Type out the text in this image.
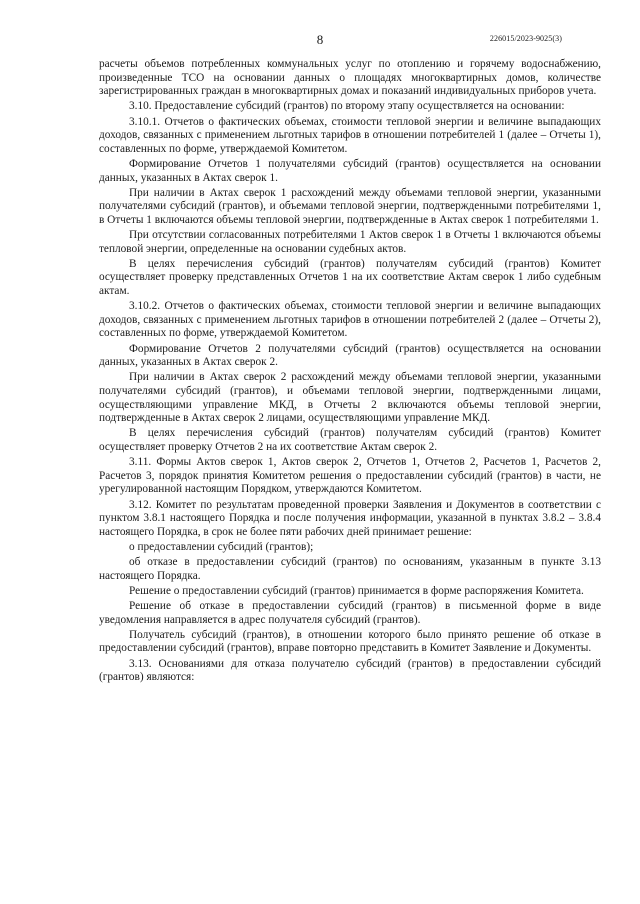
8	226015/2023-9025(3)

расчеты объемов потребленных коммунальных услуг по отоплению и горячему водоснабжению, произведенные ТСО на основании данных о площадях многоквартирных домов, количестве зарегистрированных граждан в многоквартирных домах и показаний индивидуальных приборов учета.

3.10. Предоставление субсидий (грантов) по второму этапу осуществляется на основании:

3.10.1. Отчетов о фактических объемах, стоимости тепловой энергии и величине выпадающих доходов, связанных с применением льготных тарифов в отношении потребителей 1 (далее – Отчеты 1), составленных по форме, утверждаемой Комитетом.

Формирование Отчетов 1 получателями субсидий (грантов) осуществляется на основании данных, указанных в Актах сверок 1.

При наличии в Актах сверок 1 расхождений между объемами тепловой энергии, указанными получателями субсидий (грантов), и объемами тепловой энергии, подтвержденными потребителями 1, в Отчеты 1 включаются объемы тепловой энергии, подтвержденные в Актах сверок 1 потребителями 1.

При отсутствии согласованных потребителями 1 Актов сверок 1 в Отчеты 1 включаются объемы тепловой энергии, определенные на основании судебных актов.

В целях перечисления субсидий (грантов) получателям субсидий (грантов) Комитет осуществляет проверку представленных Отчетов 1 на их соответствие Актам сверок 1 либо судебным актам.

3.10.2. Отчетов о фактических объемах, стоимости тепловой энергии и величине выпадающих доходов, связанных с применением льготных тарифов в отношении потребителей 2 (далее – Отчеты 2), составленных по форме, утверждаемой Комитетом.

Формирование Отчетов 2 получателями субсидий (грантов) осуществляется на основании данных, указанных в Актах сверок 2.

При наличии в Актах сверок 2 расхождений между объемами тепловой энергии, указанными получателями субсидий (грантов), и объемами тепловой энергии, подтвержденными лицами, осуществляющими управление МКД, в Отчеты 2 включаются объемы тепловой энергии, подтвержденные в Актах сверок 2 лицами, осуществляющими управление МКД.

В целях перечисления субсидий (грантов) получателям субсидий (грантов) Комитет осуществляет проверку Отчетов 2 на их соответствие Актам сверок 2.

3.11. Формы Актов сверок 1, Актов сверок 2, Отчетов 1, Отчетов 2, Расчетов 1, Расчетов 2, Расчетов 3, порядок принятия Комитетом решения о предоставлении субсидий (грантов) в части, не урегулированной настоящим Порядком, утверждаются Комитетом.

3.12. Комитет по результатам проведенной проверки Заявления и Документов в соответствии с пунктом 3.8.1 настоящего Порядка и после получения информации, указанной в пунктах 3.8.2 – 3.8.4 настоящего Порядка, в срок не более пяти рабочих дней принимает решение:

о предоставлении субсидий (грантов);

об отказе в предоставлении субсидий (грантов) по основаниям, указанным в пункте 3.13 настоящего Порядка.

Решение о предоставлении субсидий (грантов) принимается в форме распоряжения Комитета.

Решение об отказе в предоставлении субсидий (грантов) в письменной форме в виде уведомления направляется в адрес получателя субсидий (грантов).

Получатель субсидий (грантов), в отношении которого было принято решение об отказе в предоставлении субсидий (грантов), вправе повторно представить в Комитет Заявление и Документы.

3.13. Основаниями для отказа получателю субсидий (грантов) в предоставлении субсидий (грантов) являются:
